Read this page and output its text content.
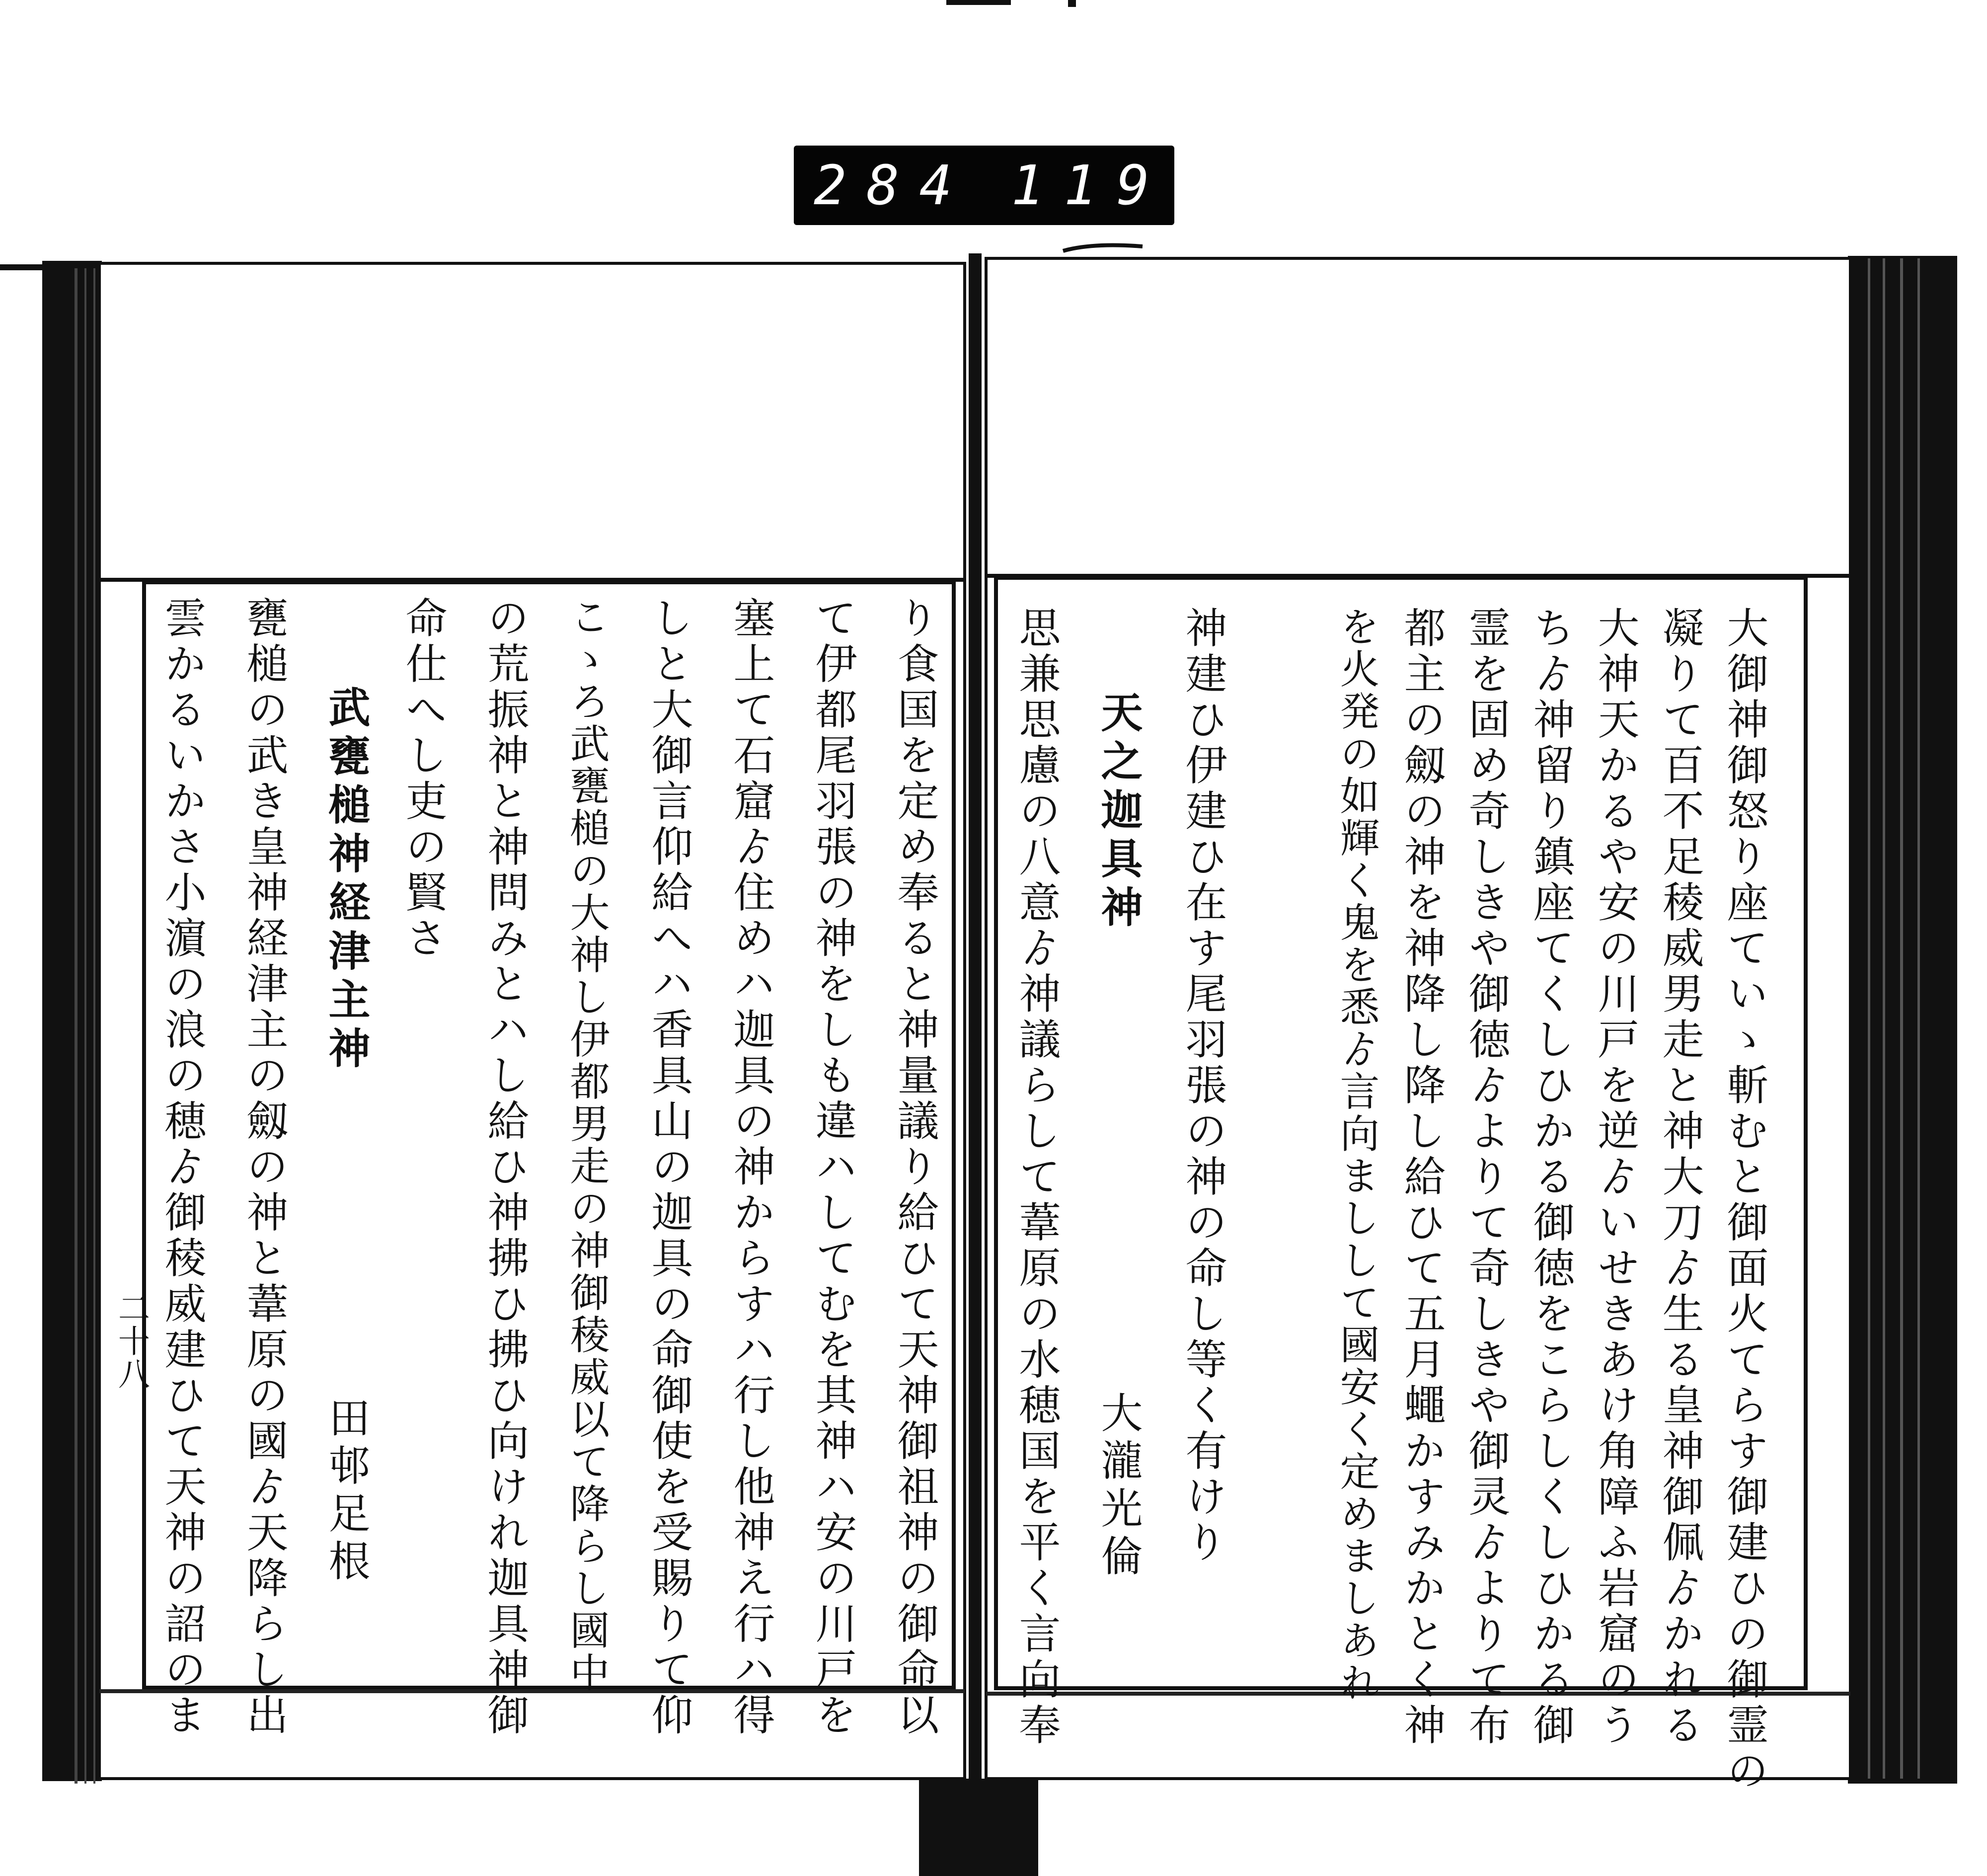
284 119
大御神御怒り座ていゝ斬むと御面火てらす御建ひの御霊の
凝りて百不足稜威男走と神大刀ゟ生る皇神御佩ゟかれる
大神天かるや安の川戸を逆ゟいせきあけ角障ふ岩窟のう
ちゟ神留り鎮座てくしひかる御徳をこらしくしひかる御
霊を固め奇しきや御徳ゟよりて奇しきや御灵ゟよりて布
都主の劔の神を神降し降し給ひて五月蠅かすみかとく神
を火発の如輝く鬼を悉ゟ言向ましして國安く定めましあれ
神建ひ伊建ひ在す尾羽張の神の命し等く有けり
天之迦具神
大瀧光倫
思兼思慮の八意ゟ神議らして葦原の水穂国を平く言向奉
り食国を定め奉ると神量議り給ひて天神御祖神の御命以
て伊都尾羽張の神をしも違ハしてむを其神ハ安の川戸を
塞上て石窟ゟ住めハ迦具の神からすハ行し他神え行ハ得
しと大御言仰給へハ香具山の迦具の命御使を受賜りて仰
こゝろ武甕槌の大神し伊都男走の神御稜威以て降らし國中
の荒振神と神問みとハし給ひ神拂ひ拂ひ向けれ迦具神御
命仕へし吏の賢さ
武甕槌神経津主神
田邨足根
甕槌の武き皇神経津主の劔の神と葦原の國ゟ天降らし出
雲かるいかさ小濵の浪の穂ゟ御稜威建ひて天神の詔のま
二十八
